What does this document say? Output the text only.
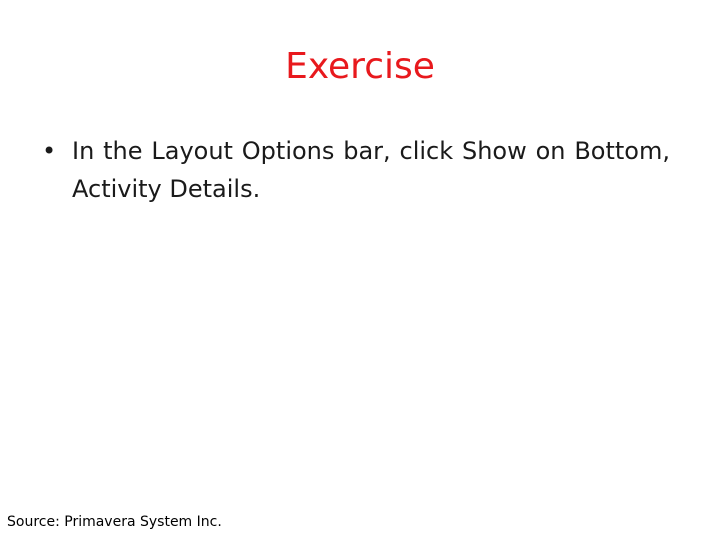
Exercise
• In the Layout Options bar, click Show on Bottom, Activity Details.
Source: Primavera System Inc.
